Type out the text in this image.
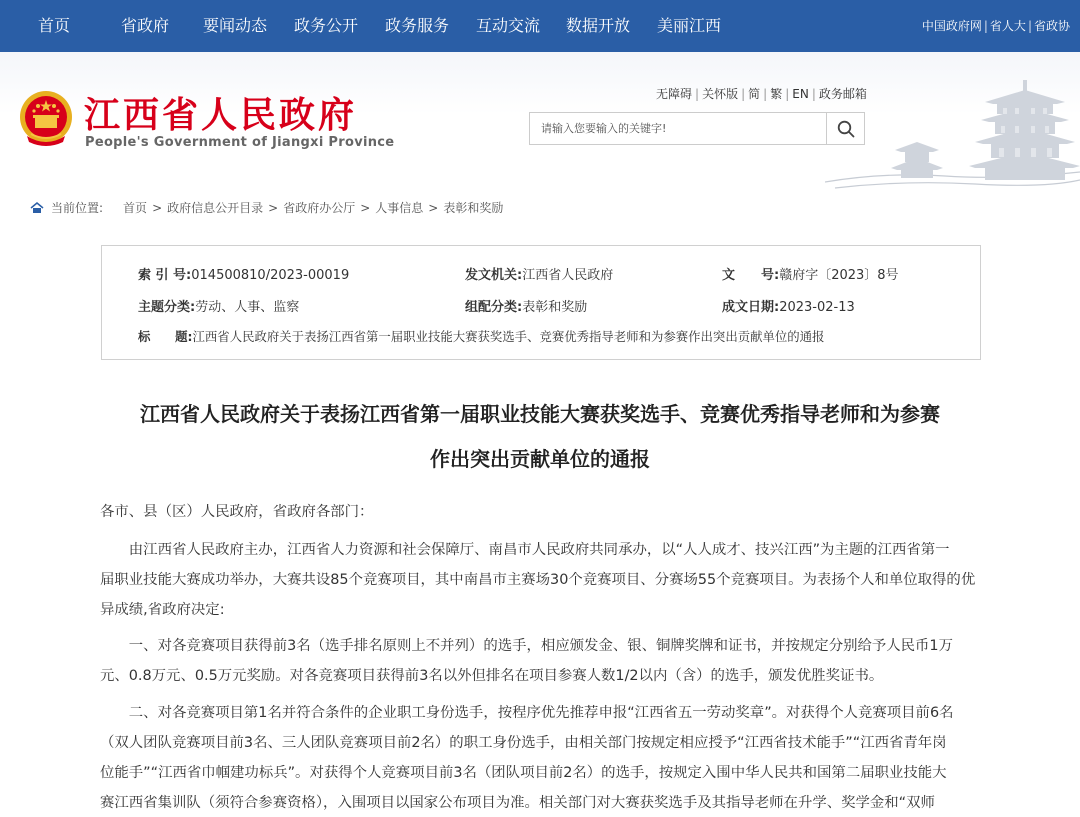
首页	省政府 要闻动态 政务公开 政务服务 互动交流 数据开放 美丽江西	中国政府网 | 省人大 | 省政协
江西省人民政府
People's Government of Jiangxi Province
无障碍 | 关怀版 | 简 | 繁 | EN | 政务邮箱
请输入您要输入的关键字!
当前位置: 首页 > 政府信息公开目录 > 省政府办公厅 > 人事信息 > 表彰和奖励
索 引 号:014500810/2023-00019	发文机关:江西省人民政府	文　　号:赣府字〔2023〕8号
主题分类:劳动、人事、监察	组配分类:表彰和奖励	成文日期:2023-02-13
标　　题:江西省人民政府关于表扬江西省第一届职业技能大赛获奖选手、竞赛优秀指导老师和为参赛作出突出贡献单位的通报
江西省人民政府关于表扬江西省第一届职业技能大赛获奖选手、竞赛优秀指导老师和为参赛
作出突出贡献单位的通报
各市、县（区）人民政府，省政府各部门：
　　由江西省人民政府主办，江西省人力资源和社会保障厅、南昌市人民政府共同承办，以“人人成才、技兴江西”为主题的江西省第一
届职业技能大赛成功举办，大赛共设85个竞赛项目，其中南昌市主赛场30个竞赛项目、分赛场55个竞赛项目。为表扬个人和单位取得的优
异成绩,省政府决定:
　　一、对各竞赛项目获得前3名（选手排名原则上不并列）的选手，相应颁发金、银、铜牌奖牌和证书，并按规定分别给予人民币1万
元、0.8万元、0.5万元奖励。对各竞赛项目获得前3名以外但排名在项目参赛人数1/2以内（含）的选手，颁发优胜奖证书。
　　二、对各竞赛项目第1名并符合条件的企业职工身份选手，按程序优先推荐申报“江西省五一劳动奖章”。对获得个人竞赛项目前6名
（双人团队竞赛项目前3名、三人团队竞赛项目前2名）的职工身份选手，由相关部门按规定相应授予“江西省技术能手”“江西省青年岗
位能手”“江西省巾帼建功标兵”。对获得个人竞赛项目前3名（团队项目前2名）的选手，按规定入围中华人民共和国第二届职业技能大
赛江西省集训队（须符合参赛资格），入围项目以国家公布项目为准。相关部门对大赛获奖选手及其指导老师在升学、奖学金和“双师
